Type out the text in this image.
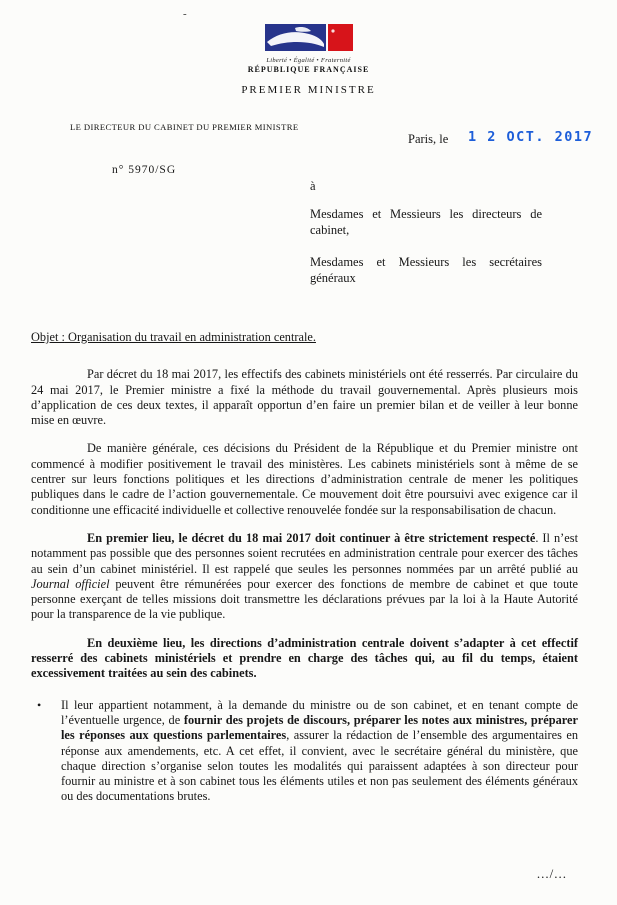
-
Liberté • Égalité • Fraternité
RÉPUBLIQUE FRANÇAISE
PREMIER MINISTRE
LE DIRECTEUR DU CABINET DU PREMIER MINISTRE
Paris, le 1 2 OCT. 2017
n° 5970/SG
à

Mesdames et Messieurs les directeurs de cabinet,

Mesdames et Messieurs les secrétaires généraux

Objet : Organisation du travail en administration centrale.

Par décret du 18 mai 2017, les effectifs des cabinets ministériels ont été resserrés. Par circulaire du 24 mai 2017, le Premier ministre a fixé la méthode du travail gouvernemental. Après plusieurs mois d’application de ces deux textes, il apparaît opportun d’en faire un premier bilan et de veiller à leur bonne mise en œuvre.

De manière générale, ces décisions du Président de la République et du Premier ministre ont commencé à modifier positivement le travail des ministères. Les cabinets ministériels sont à même de se centrer sur leurs fonctions politiques et les directions d’administration centrale de mener les politiques publiques dans le cadre de l’action gouvernementale. Ce mouvement doit être poursuivi avec exigence car il conditionne une efficacité individuelle et collective renouvelée fondée sur la responsabilisation de chacun.

En premier lieu, le décret du 18 mai 2017 doit continuer à être strictement respecté. Il n’est notamment pas possible que des personnes soient recrutées en administration centrale pour exercer des tâches au sein d’un cabinet ministériel. Il est rappelé que seules les personnes nommées par un arrêté publié au Journal officiel peuvent être rémunérées pour exercer des fonctions de membre de cabinet et que toute personne exerçant de telles missions doit transmettre les déclarations prévues par la loi à la Haute Autorité pour la transparence de la vie publique.

En deuxième lieu, les directions d’administration centrale doivent s’adapter à cet effectif resserré des cabinets ministériels et prendre en charge des tâches qui, au fil du temps, étaient excessivement traitées au sein des cabinets.

•	Il leur appartient notamment, à la demande du ministre ou de son cabinet, et en tenant compte de l’éventuelle urgence, de fournir des projets de discours, préparer les notes aux ministres, préparer les réponses aux questions parlementaires, assurer la rédaction de l’ensemble des argumentaires en réponse aux amendements, etc. A cet effet, il convient, avec le secrétaire général du ministère, que chaque direction s’organise selon toutes les modalités qui paraissent adaptées à son directeur pour fournir au ministre et à son cabinet tous les éléments utiles et non pas seulement des éléments généraux ou des documentations brutes.

.../...
